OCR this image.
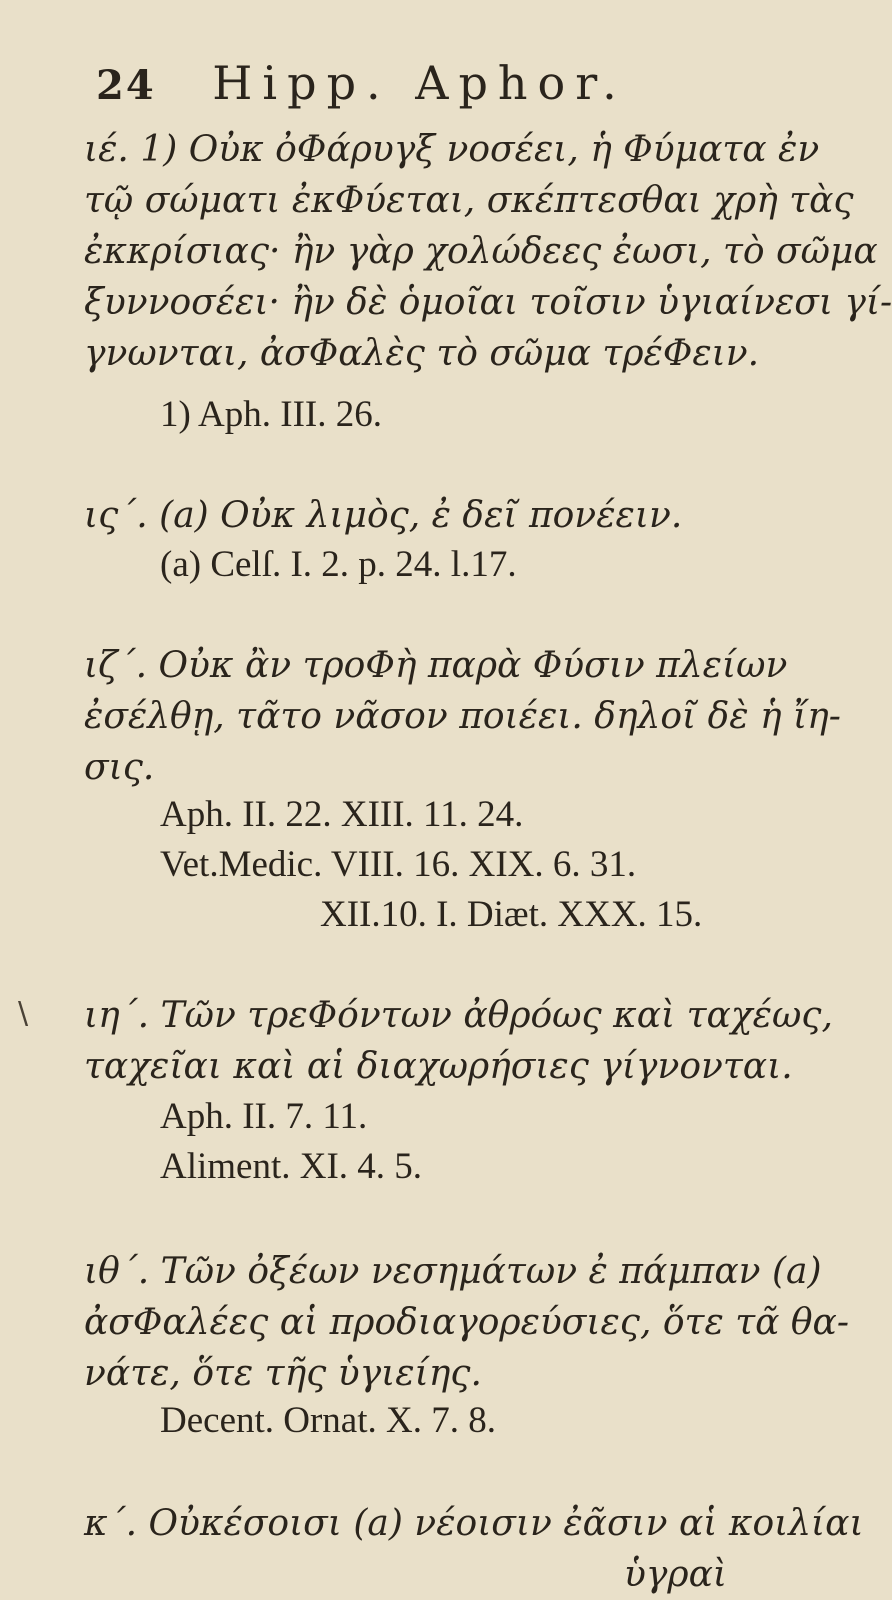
24 Hipp. Aphor.
ιέ. 1) Οὐκ ὀΦάρυγξ νοσέει, ἡ Φύματα ἐν
τῷ σώματι ἐκΦύεται, σκέπτεσθαι χρὴ τὰς
ἐκκρίσιας· ἢν γὰρ χολώδεες ἐωσι, τὸ σῶμα
ξυννοσέει· ἢν δὲ ὁμοῖαι τοῖσιν ὑγιαίνεσι γί-
γνωνται, ἀσΦαλὲς τὸ σῶμα τρέΦειν.
1) Aph. III. 26.
ις΄. (a) Οὐκ λιμὸς, ἐ δεῖ πονέειν.
(a) Celſ. I. 2. p. 24. l.17.
ιζ΄. Οὐκ ἂν τροΦὴ παρὰ Φύσιν πλείων
ἐσέλθῃ, τᾶτο νᾶσον ποιέει. δηλοῖ δὲ ἡ ἴη-
σις.
Aph. II. 22. XIII. 11. 24.
Vet.Medic. VIII. 16. XIX. 6. 31.
XII.10. I. Diæt. XXX. 15.
ιη΄. Τῶν τρεΦόντων ἀθρόως καὶ ταχέως,
ταχεῖαι καὶ αἱ διαχωρήσιες γίγνονται.
\
Aph. II. 7. 11.
Aliment. XI. 4. 5.
ιθ΄. Τῶν ὀξέων νεσημάτων ἐ πάμπαν (a)
ἀσΦαλέες αἱ προδιαγορεύσιες, ὅτε τᾶ θα-
νάτε, ὅτε τῆς ὑγιείης.
Decent. Ornat. X. 7. 8.
κ΄. Οὐκέσοισι (a) νέοισιν ἐᾶσιν αἱ κοιλίαι
ὑγραὶ
